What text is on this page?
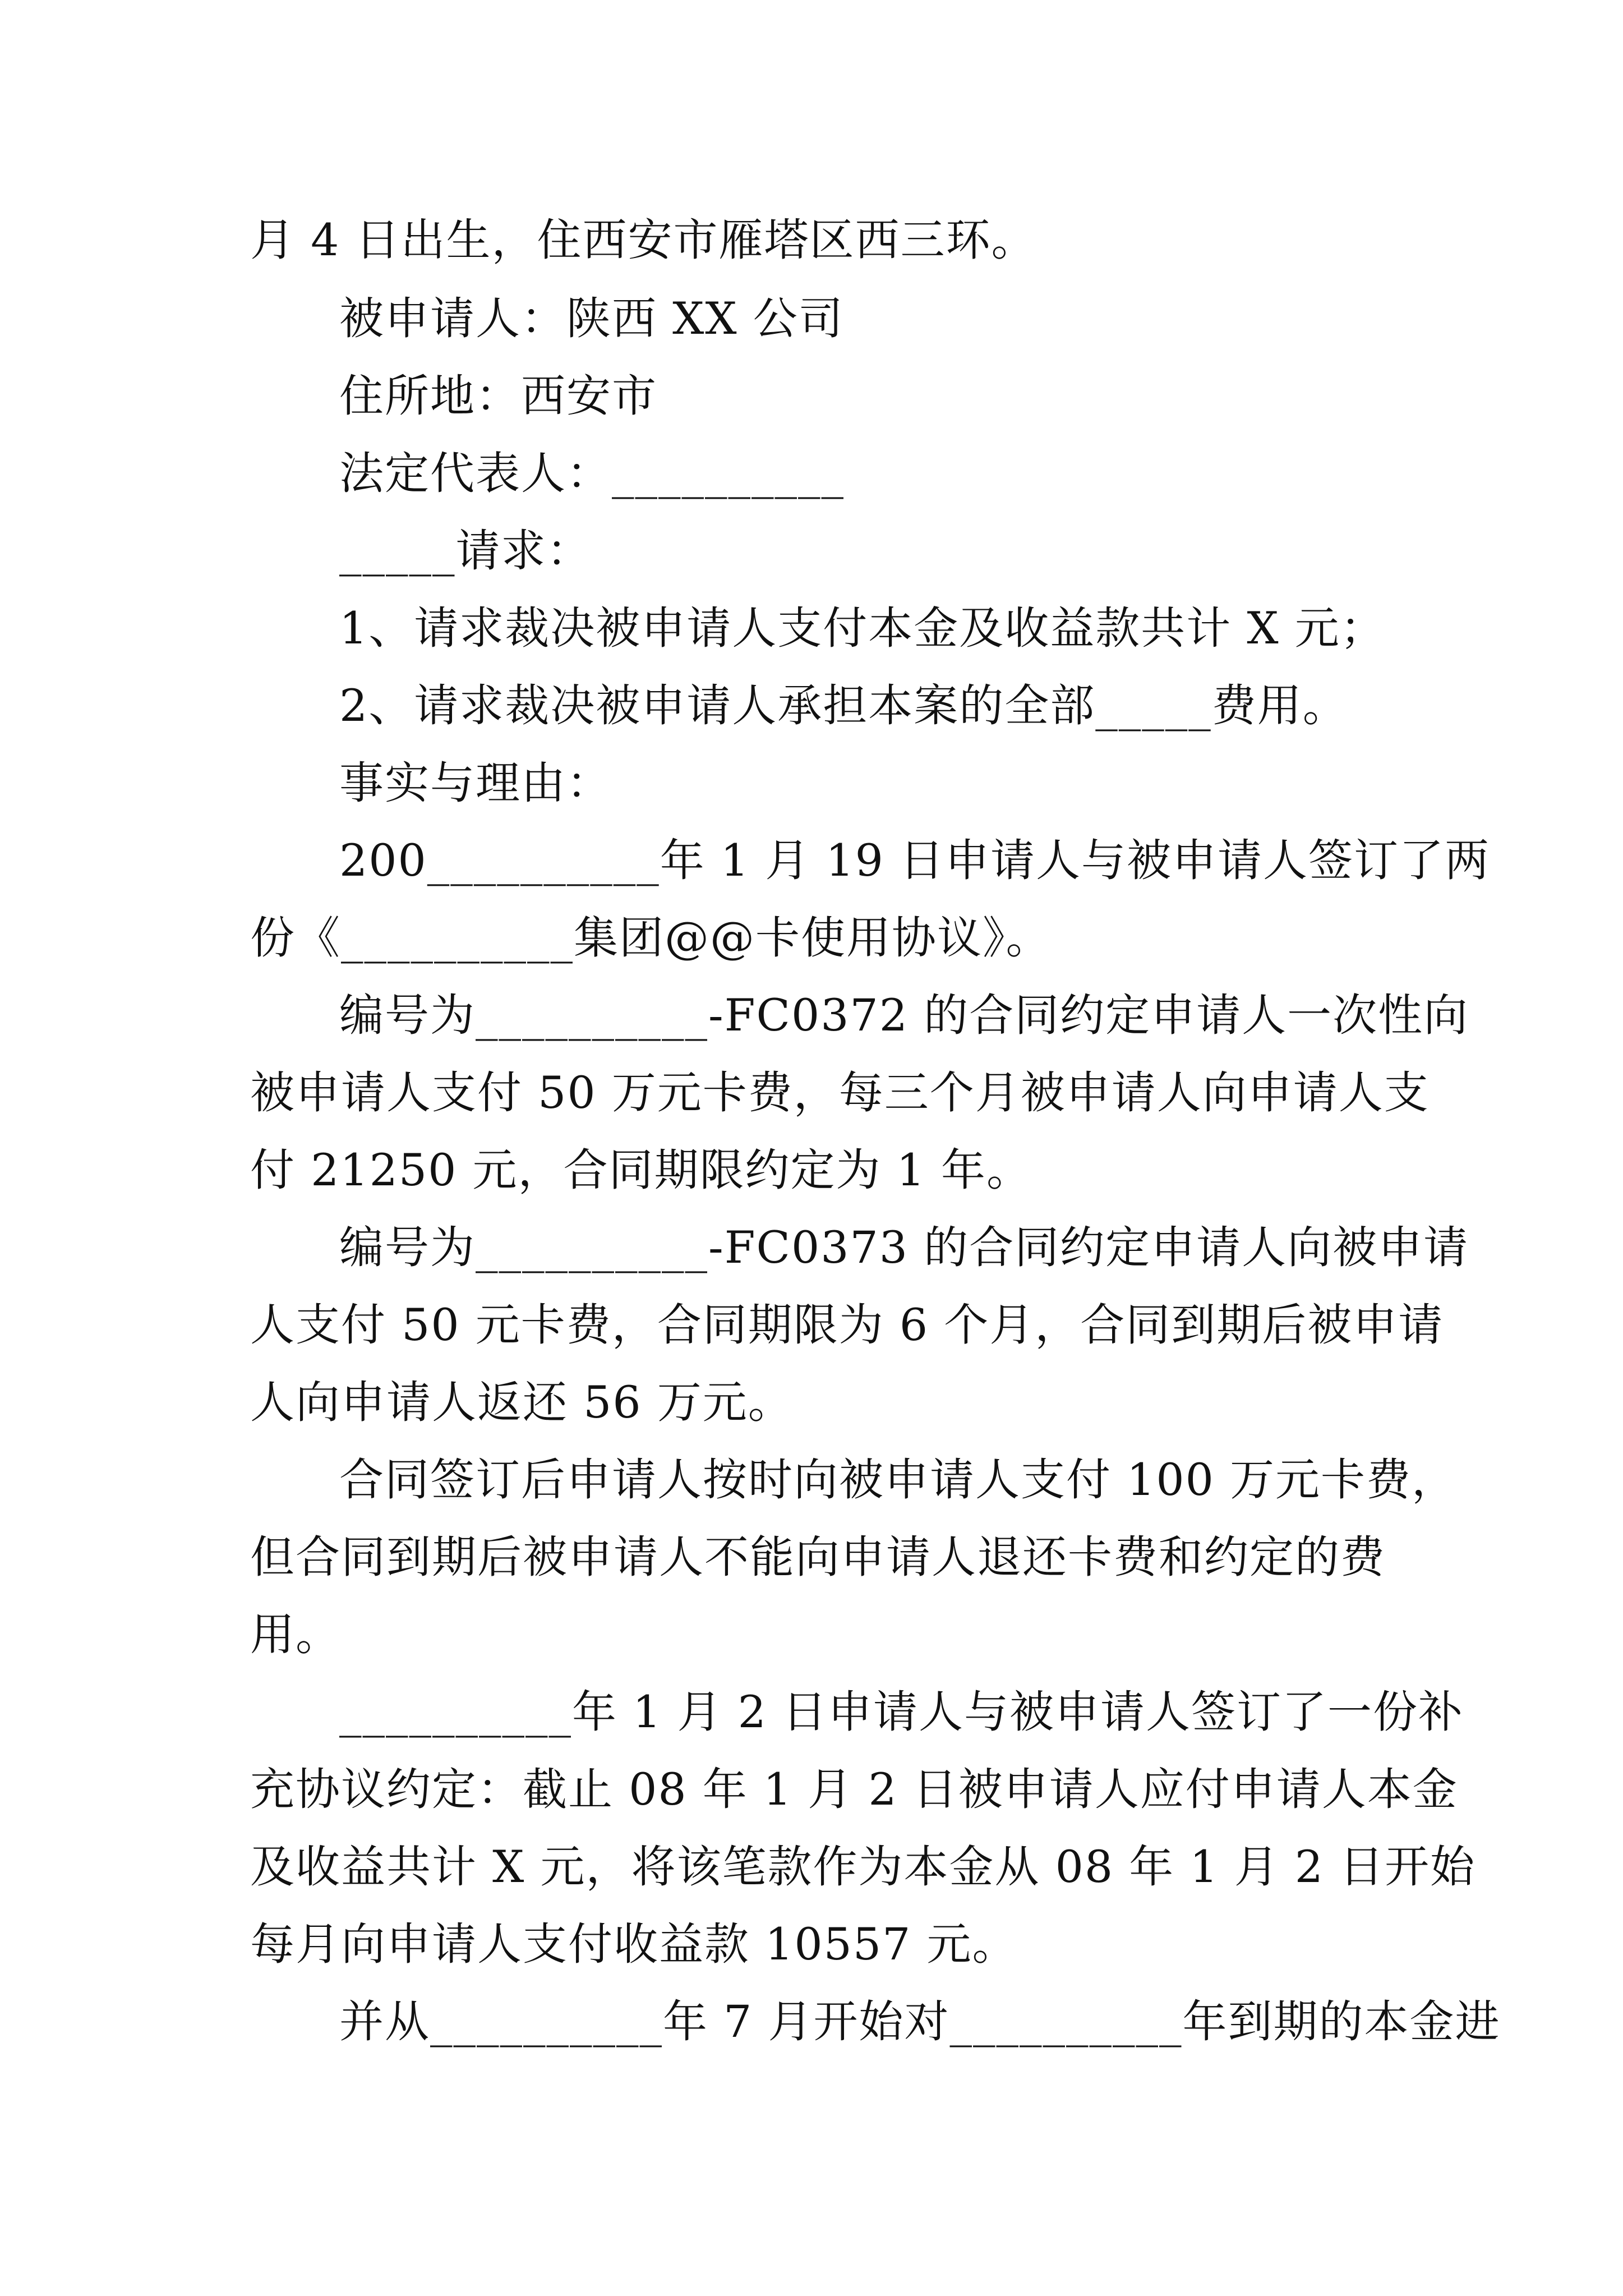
月 4 日出生，住西安市雁塔区西三环。
被申请人：陕西 XX 公司
住所地：西安市
法定代表人：__________
_____请求：
1、请求裁决被申请人支付本金及收益款共计 X 元；
2、请求裁决被申请人承担本案的全部_____费用。
事实与理由：
200__________年 1 月 19 日申请人与被申请人签订了两
份《__________集团@@卡使用协议》。
编号为__________-FC0372 的合同约定申请人一次性向
被申请人支付 50 万元卡费，每三个月被申请人向申请人支
付 21250 元，合同期限约定为 1 年。
编号为__________-FC0373 的合同约定申请人向被申请
人支付 50 元卡费，合同期限为 6 个月，合同到期后被申请
人向申请人返还 56 万元。
合同签订后申请人按时向被申请人支付 100 万元卡费，
但合同到期后被申请人不能向申请人退还卡费和约定的费
用。
__________年 1 月 2 日申请人与被申请人签订了一份补
充协议约定：截止 08 年 1 月 2 日被申请人应付申请人本金
及收益共计 X 元，将该笔款作为本金从 08 年 1 月 2 日开始
每月向申请人支付收益款 10557 元。
并从__________年 7 月开始对__________年到期的本金进
